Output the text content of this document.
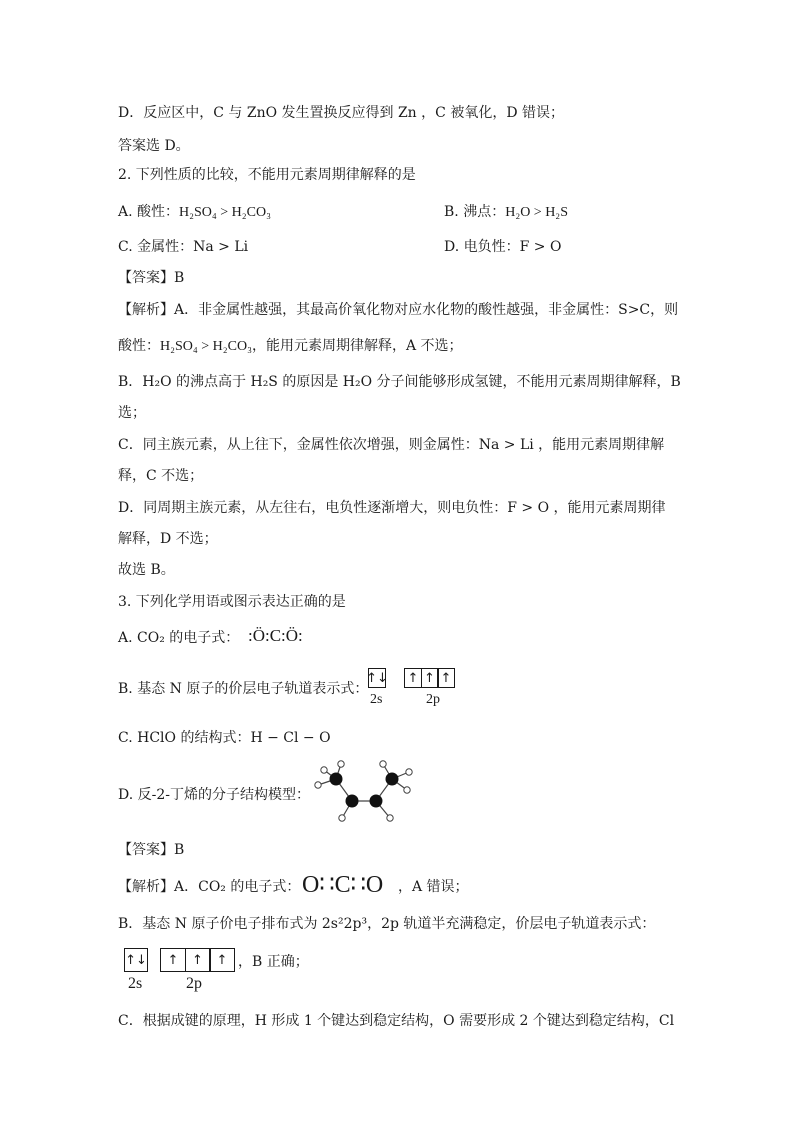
D．反应区中，C 与 ZnO 发生置换反应得到 Zn ，C 被氧化，D 错误；
答案选 D。
2. 下列性质的比较，不能用元素周期律解释的是
A. 酸性：H₂SO₄ > H₂CO₃	B. 沸点：H₂O > H₂S
C. 金属性：Na > Li	D. 电负性：F > O
【答案】B
【解析】A．非金属性越强，其最高价氧化物对应水化物的酸性越强，非金属性：S>C，则
酸性：H₂SO₄ > H₂CO₃，能用元素周期律解释，A 不选；
B．H₂O 的沸点高于 H₂S 的原因是 H₂O 分子间能够形成氢键，不能用元素周期律解释，B
选；
C．同主族元素，从上往下，金属性依次增强，则金属性：Na > Li ，能用元素周期律解
释，C 不选；
D．同周期主族元素，从左往右，电负性逐渐增大，则电负性：F > O ，能用元素周期律
解释，D 不选；
故选 B。
3. 下列化学用语或图示表达正确的是
A. CO₂ 的电子式： :Ö:C:Ö:
B. 基态 N 原子的价层电子轨道表示式：
↑↓ ↑ ↑ ↑
2s	2p
C. HClO 的结构式：H − Cl − O
D. 反-2-丁烯的分子结构模型：
【答案】B
【解析】A．CO₂ 的电子式： O∷C∷O ，A 错误；
B．基态 N 原子价电子排布式为 2s²2p³，2p 轨道半充满稳定，价层电子轨道表示式：
↑↓	↑	↑	↑ ，B 正确；
2s	2p
C．根据成键的原理，H 形成 1 个键达到稳定结构，O 需要形成 2 个键达到稳定结构，Cl
